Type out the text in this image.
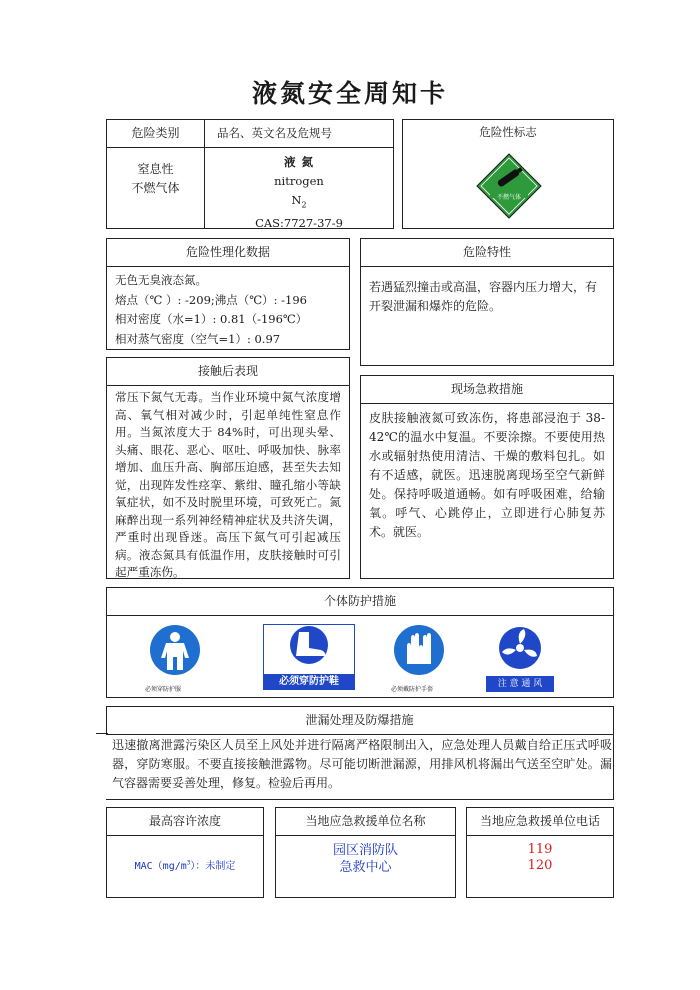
液氮安全周知卡
危险类别
窒息性
不燃气体
品名、英文名及危规号
液 氮
nitrogen
$N_2$
CAS:7727-37-9
危险性标志
不燃气体
危险性理化数据
无色无臭液态氮。
熔点（℃ ）: -209;沸点（℃）: -196
相对密度（水=1）: 0.81（-196℃）
相对蒸气密度（空气=1）: 0.97
危险特性
若遇猛烈撞击或高温，容器内压力增大，有开裂泄漏和爆炸的危险。
接触后表现
常压下氮气无毒。当作业环境中氮气浓度增高、氧气相对减少时，引起单纯性窒息作用。当氮浓度大于 84%时，可出现头晕、头痛、眼花、恶心、呕吐、呼吸加快、脉率增加、血压升高、胸部压迫感，甚至失去知觉，出现阵发性痉挛、紫绀、瞳孔缩小等缺氧症状，如不及时脱里环境，可致死亡。氮麻醉出现一系列神经精神症状及共济失调，严重时出现昏迷。高压下氮气可引起减压病。液态氮具有低温作用，皮肤接触时可引起严重冻伤。
现场急救措施
皮肤接触液氮可致冻伤，将患部浸泡于 38-42℃的温水中复温。不要涂擦。不要使用热水或辐射热使用清洁、干燥的敷料包扎。如有不适感，就医。迅速脱离现场至空气新鲜处。保持呼吸道通畅。如有呼吸困难，给输氧。呼气、心跳停止，立即进行心肺复苏术。就医。
个体防护措施
必须穿防护服
必须穿防护鞋
必须戴防护手套
注 意 通 风
泄漏处理及防爆措施
迅速撤离泄露污染区人员至上风处并进行隔离严格限制出入，应急处理人员戴自给正压式呼吸器，穿防寒服。不要直接接触泄露物。尽可能切断泄漏源，用排风机将漏出气送至空旷处。漏气容器需要妥善处理，修复。检验后再用。
最高容许浓度
$MAC(mg/m^3)$：未制定
当地应急救援单位名称
园区消防队
急救中心
当地应急救援单位电话
119
120
